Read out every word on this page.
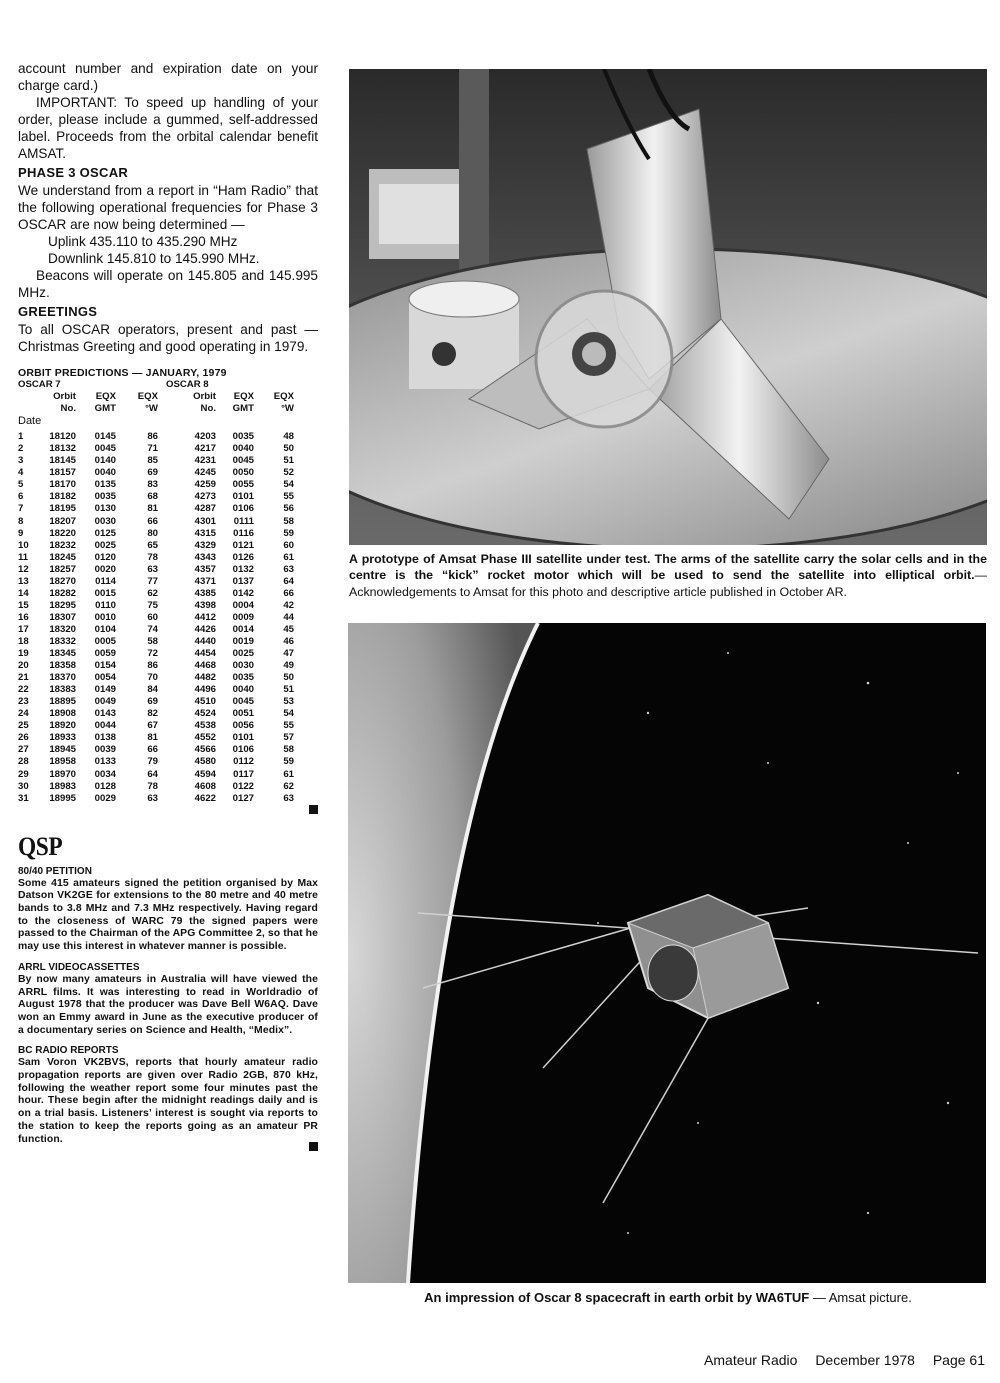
account number and expiration date on your charge card.)

IMPORTANT: To speed up handling of your order, please include a gummed, self-addressed label. Proceeds from the orbital calendar benefit AMSAT.

PHASE 3 OSCAR

We understand from a report in “Ham Radio” that the following operational frequencies for Phase 3 OSCAR are now being determined —

Uplink 435.110 to 435.290 MHz
Downlink 145.810 to 145.990 MHz.

Beacons will operate on 145.805 and 145.995 MHz.

GREETINGS

To all OSCAR operators, present and past — Christmas Greeting and good operating in 1979.

ORBIT PREDICTIONS — JANUARY, 1979
OSCAR 7				OSCAR 8			
	Orbit	EQX	EQX	Orbit	EQX	EQX	
	No.	GMT	°W	No.	GMT	°W	
Date							
1	18120	0145	86	4203	0035	48	
2	18132	0045	71	4217	0040	50	
3	18145	0140	85	4231	0045	51	
4	18157	0040	69	4245	0050	52	
5	18170	0135	83	4259	0055	54	
6	18182	0035	68	4273	0101	55	
7	18195	0130	81	4287	0106	56	
8	18207	0030	66	4301	0111	58	
9	18220	0125	80	4315	0116	59	
10	18232	0025	65	4329	0121	60	
11	18245	0120	78	4343	0126	61	
12	18257	0020	63	4357	0132	63	
13	18270	0114	77	4371	0137	64	
14	18282	0015	62	4385	0142	66	
15	18295	0110	75	4398	0004	42	
16	18307	0010	60	4412	0009	44	
17	18320	0104	74	4426	0014	45	
18	18332	0005	58	4440	0019	46	
19	18345	0059	72	4454	0025	47	
20	18358	0154	86	4468	0030	49	
21	18370	0054	70	4482	0035	50	
22	18383	0149	84	4496	0040	51	
23	18895	0049	69	4510	0045	53	
24	18908	0143	82	4524	0051	54	
25	18920	0044	67	4538	0056	55	
26	18933	0138	81	4552	0101	57	
27	18945	0039	66	4566	0106	58	
28	18958	0133	79	4580	0112	59	
29	18970	0034	64	4594	0117	61	
30	18983	0128	78	4608	0122	62	
31	18995	0029	63	4622	0127	63	
QSP
80/40 PETITION

Some 415 amateurs signed the petition organised by Max Datson VK2GE for extensions to the 80 metre and 40 metre bands to 3.8 MHz and 7.3 MHz respectively. Having regard to the closeness of WARC 79 the signed papers were passed to the Chairman of the APG Committee 2, so that he may use this interest in whatever manner is possible.

ARRL VIDEOCASSETTES

By now many amateurs in Australia will have viewed the ARRL films. It was interesting to read in Worldradio of August 1978 that the producer was Dave Bell W6AQ. Dave won an Emmy award in June as the executive producer of a documentary series on Science and Health, “Medix”.

BC RADIO REPORTS

Sam Voron VK2BVS, reports that hourly amateur radio propagation reports are given over Radio 2GB, 870 kHz, following the weather report some four minutes past the hour. These begin after the midnight readings daily and is on a trial basis. Listeners’ interest is sought via reports to the station to keep the reports going as an amateur PR function.

A prototype of Amsat Phase III satellite under test. The arms of the satellite carry the solar cells and in the centre is the “kick” rocket motor which will be used to send the satellite into elliptical orbit.—Acknowledgements to Amsat for this photo and descriptive article published in October AR.
An impression of Oscar 8 spacecraft in earth orbit by WA6TUF — Amsat picture.
Amateur Radio December 1978 Page 61
